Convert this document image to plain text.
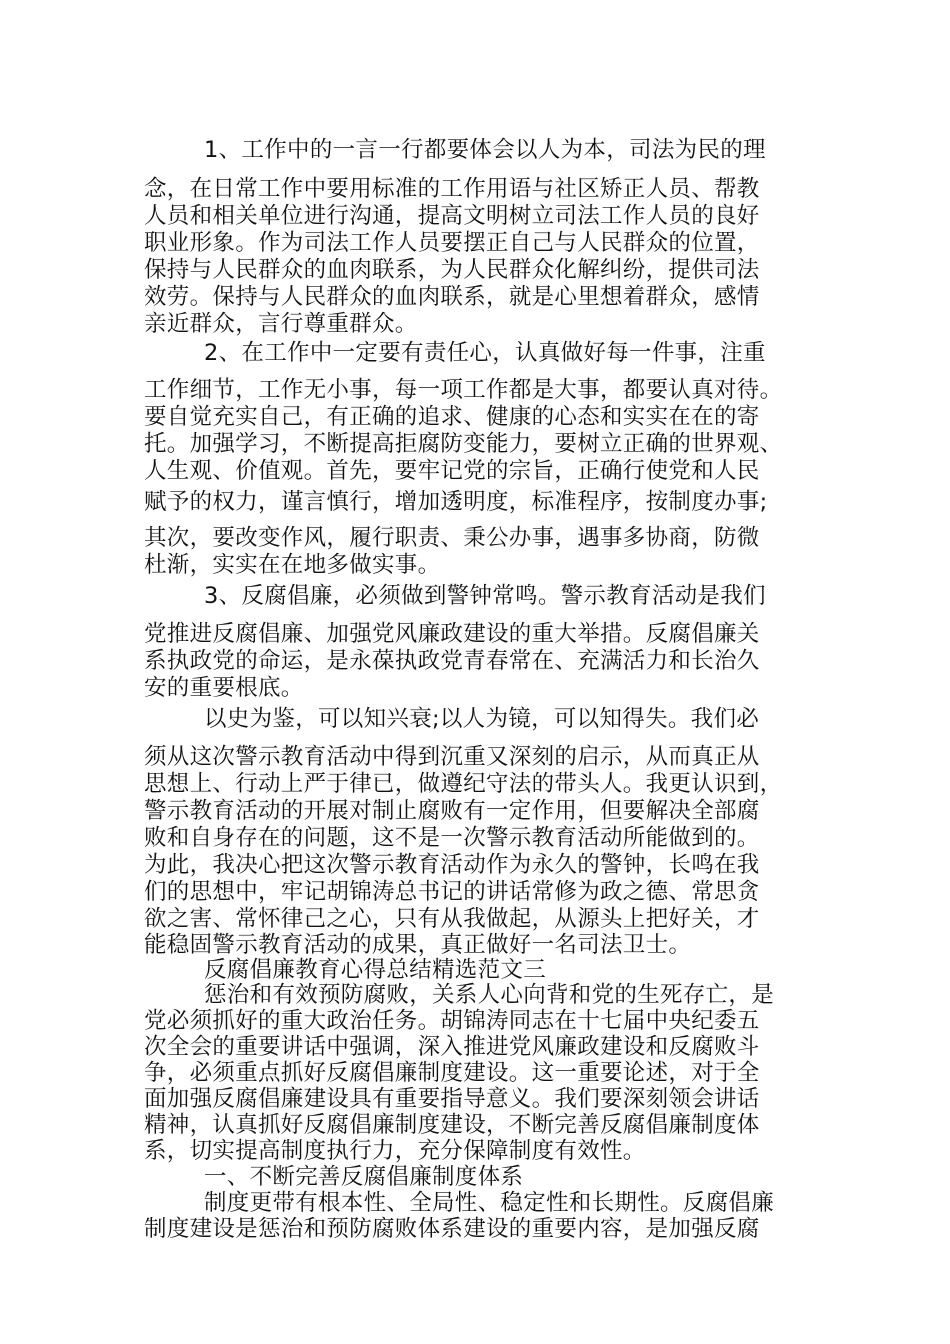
1、工作中的一言一行都要体会以人为本，司法为民的理

念，在日常工作中要用标准的工作用语与社区矫正人员、帮教

人员和相关单位进行沟通，提高文明树立司法工作人员的良好

职业形象。作为司法工作人员要摆正自己与人民群众的位置，

保持与人民群众的血肉联系，为人民群众化解纠纷，提供司法

效劳。保持与人民群众的血肉联系，就是心里想着群众，感情

亲近群众，言行尊重群众。

2、在工作中一定要有责任心，认真做好每一件事，注重

工作细节，工作无小事，每一项工作都是大事，都要认真对待。

要自觉充实自己，有正确的追求、健康的心态和实实在在的寄

托。加强学习，不断提高拒腐防变能力，要树立正确的世界观、

人生观、价值观。首先，要牢记党的宗旨，正确行使党和人民

赋予的权力，谨言慎行，增加透明度，标准程序，按制度办事;

其次，要改变作风，履行职责、秉公办事，遇事多协商，防微

杜渐，实实在在地多做实事。

3、反腐倡廉，必须做到警钟常鸣。警示教育活动是我们

党推进反腐倡廉、加强党风廉政建设的重大举措。反腐倡廉关

系执政党的命运，是永葆执政党青春常在、充满活力和长治久

安的重要根底。

以史为鉴，可以知兴衰;以人为镜，可以知得失。我们必

须从这次警示教育活动中得到沉重又深刻的启示，从而真正从

思想上、行动上严于律已，做遵纪守法的带头人。我更认识到，

警示教育活动的开展对制止腐败有一定作用，但要解决全部腐

败和自身存在的问题，这不是一次警示教育活动所能做到的。

为此，我决心把这次警示教育活动作为永久的警钟，长鸣在我

们的思想中，牢记胡锦涛总书记的讲话常修为政之德、常思贪

欲之害、常怀律己之心，只有从我做起，从源头上把好关，才

能稳固警示教育活动的成果，真正做好一名司法卫士。

反腐倡廉教育心得总结精选范文三

惩治和有效预防腐败，关系人心向背和党的生死存亡，是

党必须抓好的重大政治任务。胡锦涛同志在十七届中央纪委五

次全会的重要讲话中强调，深入推进党风廉政建设和反腐败斗

争，必须重点抓好反腐倡廉制度建设。这一重要论述，对于全

面加强反腐倡廉建设具有重要指导意义。我们要深刻领会讲话

精神，认真抓好反腐倡廉制度建设，不断完善反腐倡廉制度体

系，切实提高制度执行力，充分保障制度有效性。

一、不断完善反腐倡廉制度体系

制度更带有根本性、全局性、稳定性和长期性。反腐倡廉

制度建设是惩治和预防腐败体系建设的重要内容，是加强反腐
